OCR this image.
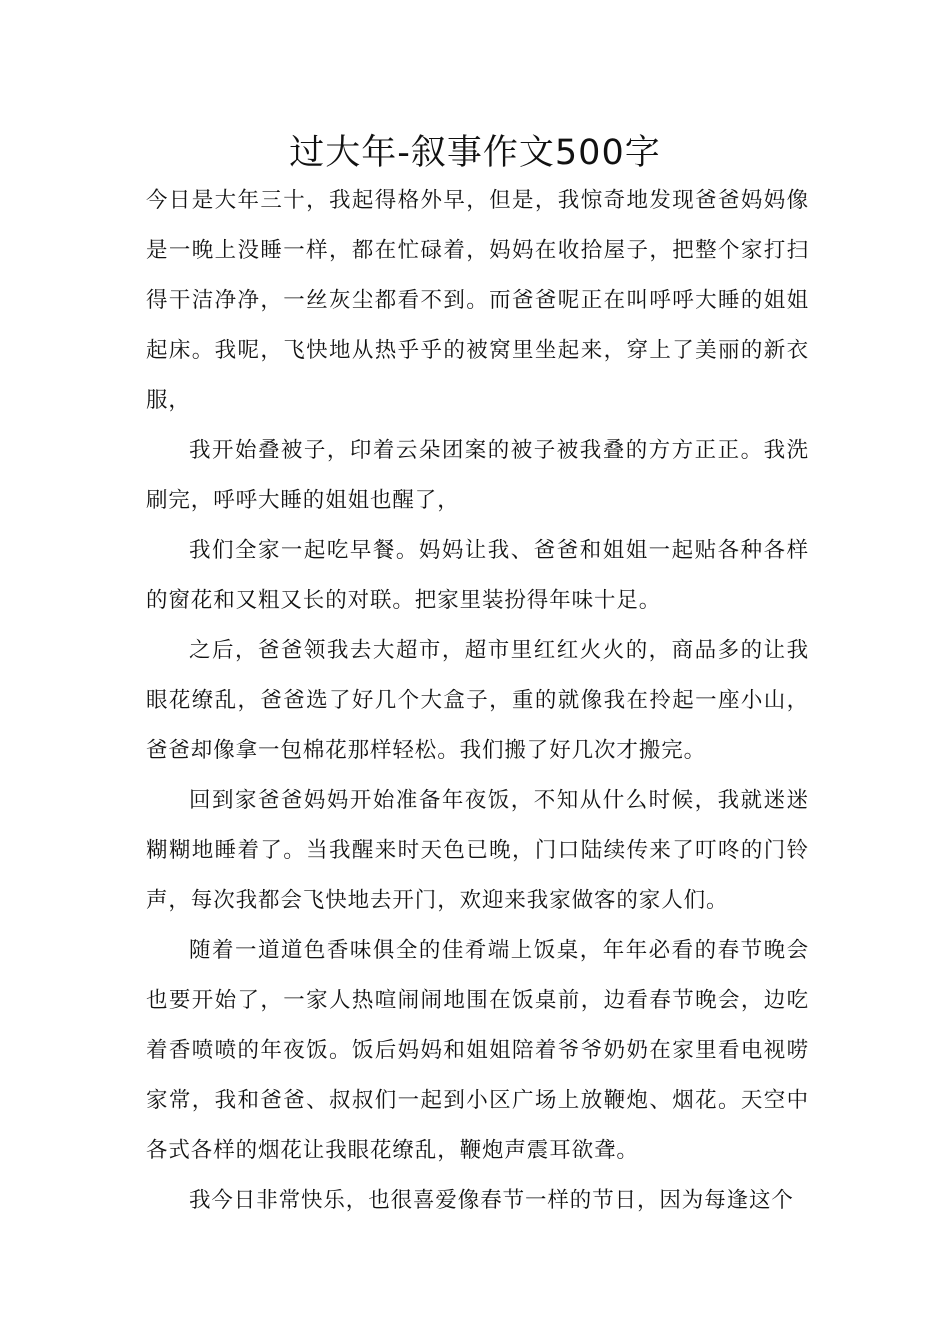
过大年-叙事作文500字

今日是大年三十，我起得格外早，但是，我惊奇地发现爸爸妈妈像是一晚上没睡一样，都在忙碌着，妈妈在收拾屋子，把整个家打扫得干洁净净，一丝灰尘都看不到。而爸爸呢正在叫呼呼大睡的姐姐起床。我呢，飞快地从热乎乎的被窝里坐起来，穿上了美丽的新衣服，

我开始叠被子，印着云朵团案的被子被我叠的方方正正。我洗刷完，呼呼大睡的姐姐也醒了，

我们全家一起吃早餐。妈妈让我、爸爸和姐姐一起贴各种各样的窗花和又粗又长的对联。把家里装扮得年味十足。

之后，爸爸领我去大超市，超市里红红火火的，商品多的让我眼花缭乱，爸爸选了好几个大盒子，重的就像我在拎起一座小山，爸爸却像拿一包棉花那样轻松。我们搬了好几次才搬完。

回到家爸爸妈妈开始准备年夜饭，不知从什么时候，我就迷迷糊糊地睡着了。当我醒来时天色已晚，门口陆续传来了叮咚的门铃声，每次我都会飞快地去开门，欢迎来我家做客的家人们。

随着一道道色香味俱全的佳肴端上饭桌，年年必看的春节晚会也要开始了，一家人热喧闹闹地围在饭桌前，边看春节晚会，边吃着香喷喷的年夜饭。饭后妈妈和姐姐陪着爷爷奶奶在家里看电视唠家常，我和爸爸、叔叔们一起到小区广场上放鞭炮、烟花。天空中各式各样的烟花让我眼花缭乱，鞭炮声震耳欲聋。

我今日非常快乐，也很喜爱像春节一样的节日，因为每逢这个
